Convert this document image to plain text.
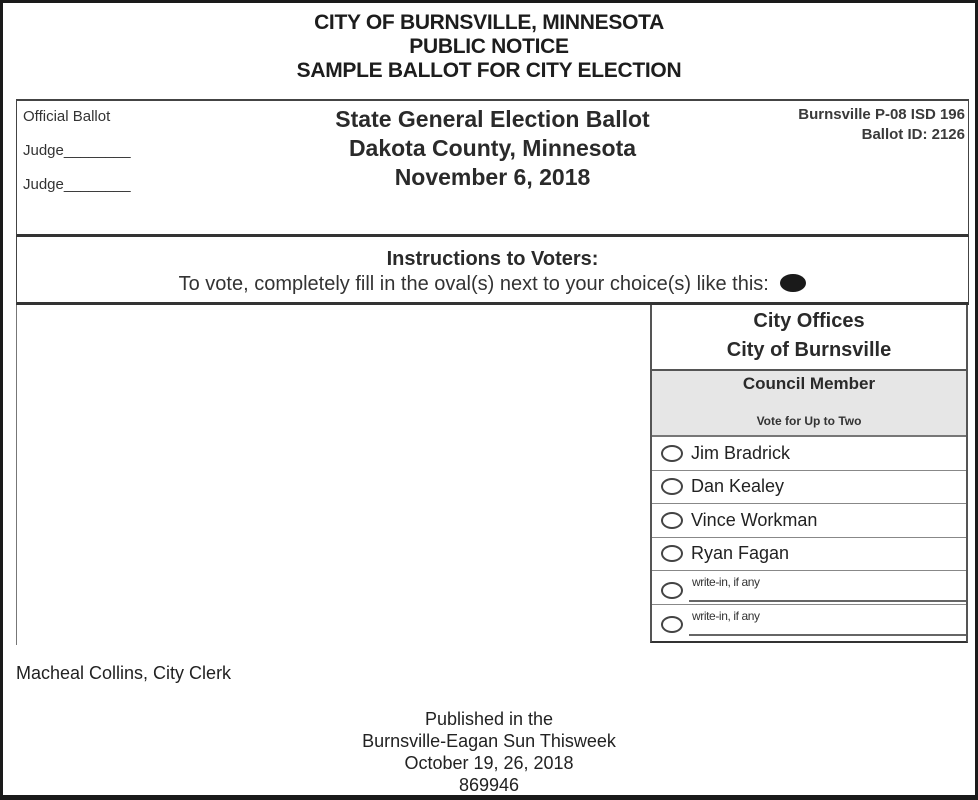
CITY OF BURNSVILLE, MINNESOTA
PUBLIC NOTICE
SAMPLE BALLOT FOR CITY ELECTION
Official Ballot
Judge________
Judge________
State General Election Ballot
Dakota County, Minnesota
November 6, 2018
Burnsville P-08 ISD 196
Ballot ID: 2126
Instructions to Voters:
To vote, completely fill in the oval(s) next to your choice(s) like this:
City Offices
City of Burnsville
Council Member
Vote for Up to Two
Jim Bradrick
Dan Kealey
Vince Workman
Ryan Fagan
write-in, if any
write-in, if any
Macheal Collins, City Clerk
Published in the
Burnsville-Eagan Sun Thisweek
October 19, 26, 2018
869946
